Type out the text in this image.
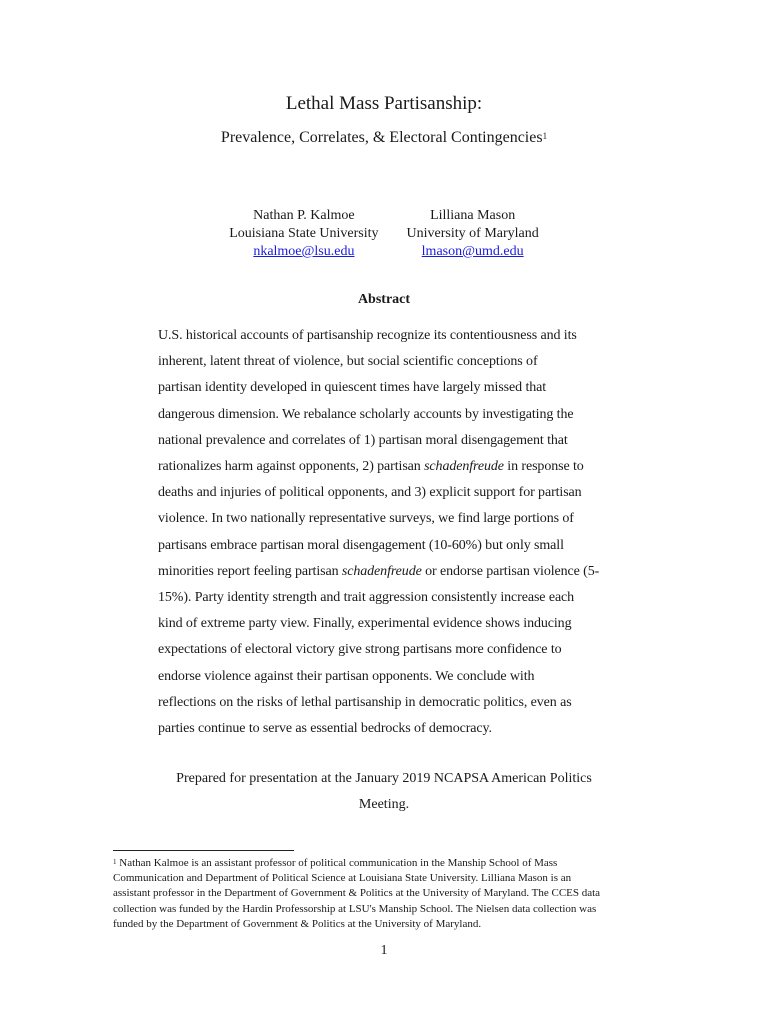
Lethal Mass Partisanship:
Prevalence, Correlates, & Electoral Contingencies$^1$
Nathan P. Kalmoe
Louisiana State University
nkalmoe@lsu.edu
Lilliana Mason
University of Maryland
lmason@umd.edu
Abstract
U.S. historical accounts of partisanship recognize its contentiousness and its
inherent, latent threat of violence, but social scientific conceptions of
partisan identity developed in quiescent times have largely missed that
dangerous dimension. We rebalance scholarly accounts by investigating the
national prevalence and correlates of 1) partisan moral disengagement that
rationalizes harm against opponents, 2) partisan schadenfreude in response to
deaths and injuries of political opponents, and 3) explicit support for partisan
violence. In two nationally representative surveys, we find large portions of
partisans embrace partisan moral disengagement (10-60%) but only small
minorities report feeling partisan schadenfreude or endorse partisan violence (5-
15%). Party identity strength and trait aggression consistently increase each
kind of extreme party view. Finally, experimental evidence shows inducing
expectations of electoral victory give strong partisans more confidence to
endorse violence against their partisan opponents. We conclude with
reflections on the risks of lethal partisanship in democratic politics, even as
parties continue to serve as essential bedrocks of democracy.
Prepared for presentation at the January 2019 NCAPSA American Politics Meeting.
$^1$ Nathan Kalmoe is an assistant professor of political communication in the Manship School of Mass
Communication and Department of Political Science at Louisiana State University. Lilliana Mason is an
assistant professor in the Department of Government & Politics at the University of Maryland. The CCES data
collection was funded by the Hardin Professorship at LSU's Manship School. The Nielsen data collection was
funded by the Department of Government & Politics at the University of Maryland.
1
